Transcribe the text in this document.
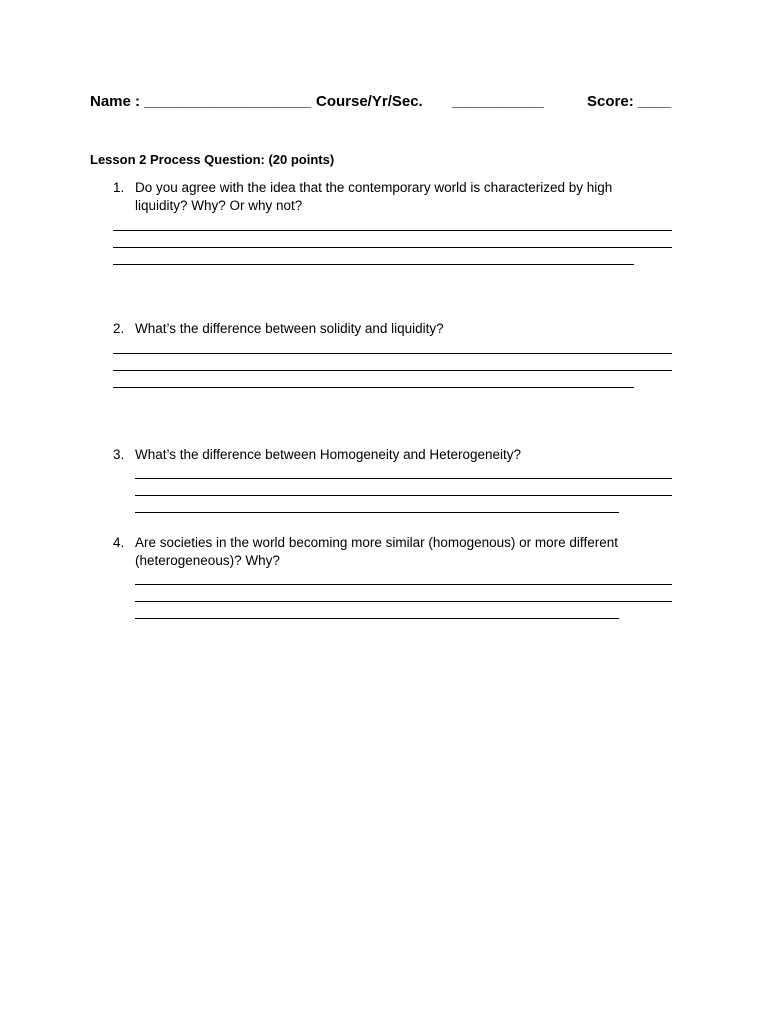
Name : ____________________ Course/Yr/Sec. ___________	Score: ____
Lesson 2 Process Question: (20 points)
1. Do you agree with the idea that the contemporary world is characterized by high
liquidity? Why? Or why not?
2. What’s the difference between solidity and liquidity?
3. What’s the difference between Homogeneity and Heterogeneity?
4. Are societies in the world becoming more similar (homogenous) or more different
(heterogeneous)? Why?
